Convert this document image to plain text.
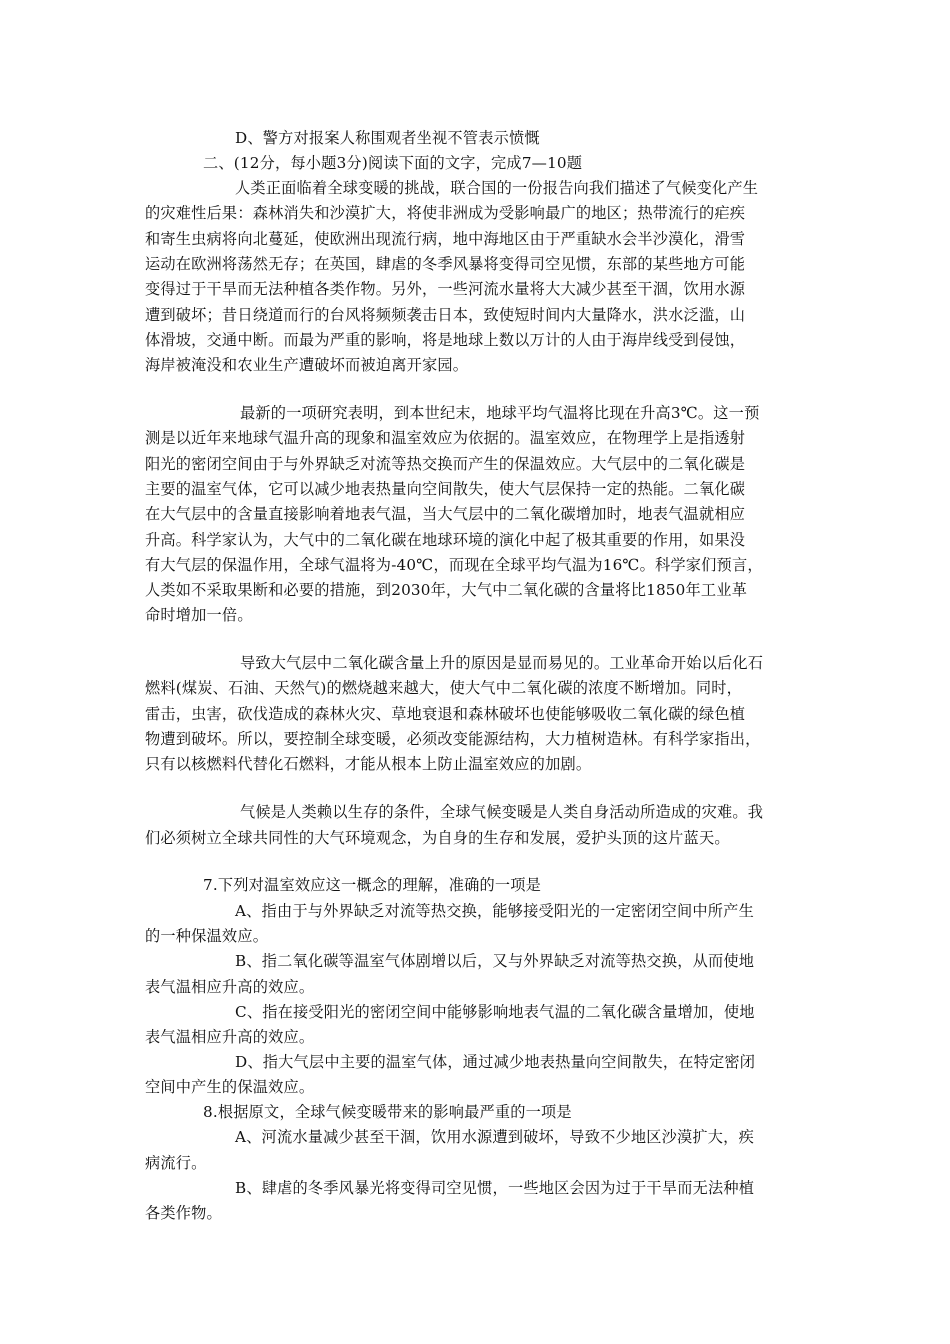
D、警方对报案人称围观者坐视不管表示愤慨
二、(12分，每小题3分)阅读下面的文字，完成7—10题
人类正面临着全球变暖的挑战，联合国的一份报告向我们描述了气候变化产生
的灾难性后果：森林消失和沙漠扩大，将使非洲成为受影响最广的地区；热带流行的疟疾
和寄生虫病将向北蔓延，使欧洲出现流行病，地中海地区由于严重缺水会半沙漠化，滑雪
运动在欧洲将荡然无存；在英国，肆虐的冬季风暴将变得司空见惯，东部的某些地方可能
变得过于干旱而无法种植各类作物。另外，一些河流水量将大大减少甚至干涸，饮用水源
遭到破坏；昔日绕道而行的台风将频频袭击日本，致使短时间内大量降水，洪水泛滥，山
体滑坡，交通中断。而最为严重的影响，将是地球上数以万计的人由于海岸线受到侵蚀，
海岸被淹没和农业生产遭破坏而被迫离开家园。
最新的一项研究表明，到本世纪末，地球平均气温将比现在升高3℃。这一预
测是以近年来地球气温升高的现象和温室效应为依据的。温室效应，在物理学上是指透射
阳光的密闭空间由于与外界缺乏对流等热交换而产生的保温效应。大气层中的二氧化碳是
主要的温室气体，它可以减少地表热量向空间散失，使大气层保持一定的热能。二氧化碳
在大气层中的含量直接影响着地表气温，当大气层中的二氧化碳增加时，地表气温就相应
升高。科学家认为，大气中的二氧化碳在地球环境的演化中起了极其重要的作用，如果没
有大气层的保温作用，全球气温将为-40℃，而现在全球平均气温为16℃。科学家们预言，
人类如不采取果断和必要的措施，到2030年，大气中二氧化碳的含量将比1850年工业革
命时增加一倍。
导致大气层中二氧化碳含量上升的原因是显而易见的。工业革命开始以后化石
燃料(煤炭、石油、天然气)的燃烧越来越大，使大气中二氧化碳的浓度不断增加。同时，
雷击，虫害，砍伐造成的森林火灾、草地衰退和森林破坏也使能够吸收二氧化碳的绿色植
物遭到破坏。所以，要控制全球变暖，必须改变能源结构，大力植树造林。有科学家指出，
只有以核燃料代替化石燃料，才能从根本上防止温室效应的加剧。
气候是人类赖以生存的条件，全球气候变暖是人类自身活动所造成的灾难。我
们必须树立全球共同性的大气环境观念，为自身的生存和发展，爱护头顶的这片蓝天。
7.下列对温室效应这一概念的理解，准确的一项是
A、指由于与外界缺乏对流等热交换，能够接受阳光的一定密闭空间中所产生
的一种保温效应。
B、指二氧化碳等温室气体剧增以后，又与外界缺乏对流等热交换，从而使地
表气温相应升高的效应。
C、指在接受阳光的密闭空间中能够影响地表气温的二氧化碳含量增加，使地
表气温相应升高的效应。
D、指大气层中主要的温室气体，通过减少地表热量向空间散失，在特定密闭
空间中产生的保温效应。
8.根据原文，全球气候变暖带来的影响最严重的一项是
A、河流水量减少甚至干涸，饮用水源遭到破坏，导致不少地区沙漠扩大，疾
病流行。
B、肆虐的冬季风暴光将变得司空见惯，一些地区会因为过于干旱而无法种植
各类作物。
